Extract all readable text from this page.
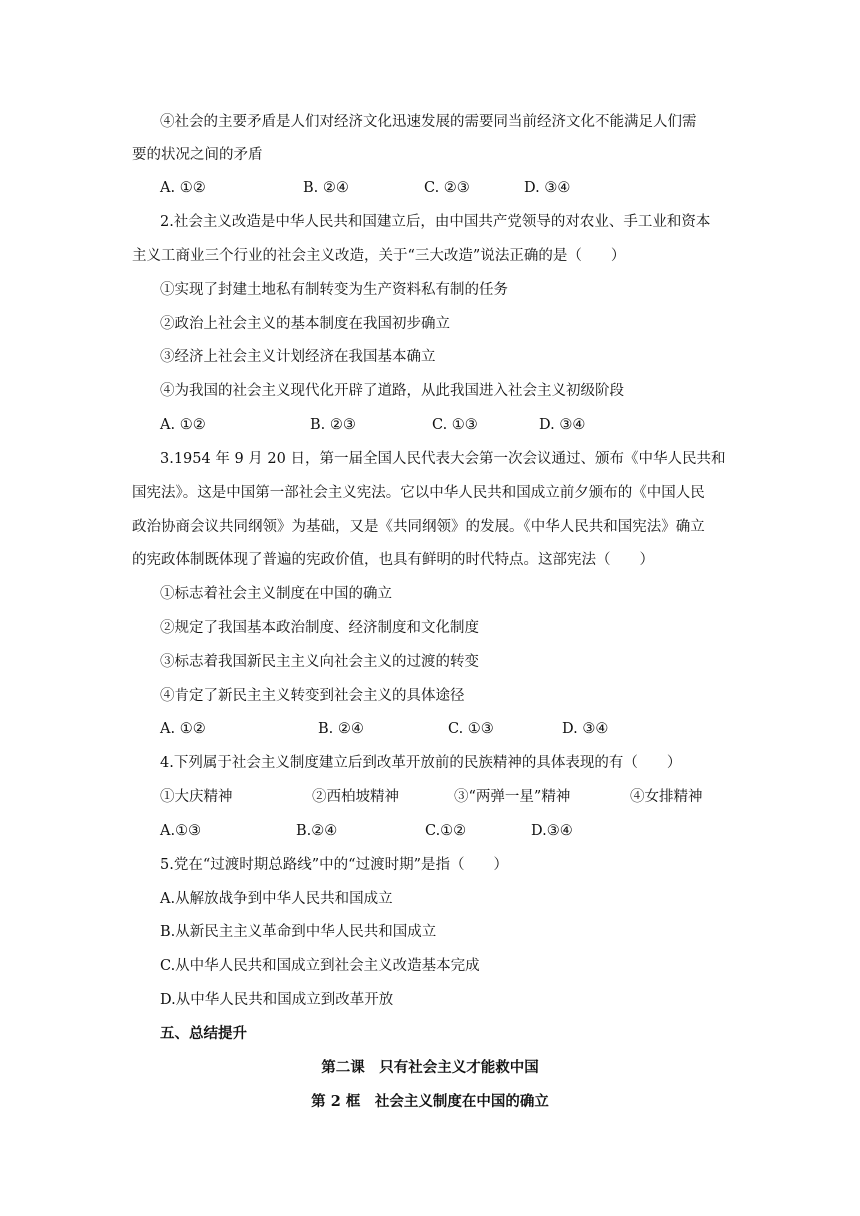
④社会的主要矛盾是人们对经济文化迅速发展的需要同当前经济文化不能满足人们需
要的状况之间的矛盾
A. ①②	B. ②④	C. ②③	D. ③④
2.社会主义改造是中华人民共和国建立后，由中国共产党领导的对农业、手工业和资本
主义工商业三个行业的社会主义改造，关于“三大改造”说法正确的是（　　）
①实现了封建土地私有制转变为生产资料私有制的任务
②政治上社会主义的基本制度在我国初步确立
③经济上社会主义计划经济在我国基本确立
④为我国的社会主义现代化开辟了道路，从此我国进入社会主义初级阶段
A. ①②	B. ②③	C. ①③	D. ③④
3.1954 年 9 月 20 日，第一届全国人民代表大会第一次会议通过、颁布《中华人民共和
国宪法》。这是中国第一部社会主义宪法。它以中华人民共和国成立前夕颁布的《中国人民
政治协商会议共同纲领》为基础，又是《共同纲领》的发展。《中华人民共和国宪法》确立
的宪政体制既体现了普遍的宪政价值，也具有鲜明的时代特点。这部宪法（　　）
①标志着社会主义制度在中国的确立
②规定了我国基本政治制度、经济制度和文化制度
③标志着我国新民主主义向社会主义的过渡的转变
④肯定了新民主主义转变到社会主义的具体途径
A. ①②	B. ②④	C. ①③	D. ③④
4.下列属于社会主义制度建立后到改革开放前的民族精神的具体表现的有（　　）
①大庆精神	②西柏坡精神	③“两弹一星”精神	④女排精神
A.①③	B.②④	C.①②	D.③④
5.党在“过渡时期总路线”中的“过渡时期”是指（　　）
A.从解放战争到中华人民共和国成立
B.从新民主主义革命到中华人民共和国成立
C.从中华人民共和国成立到社会主义改造基本完成
D.从中华人民共和国成立到改革开放
五、总结提升
第二课　只有社会主义才能救中国
第 2 框　社会主义制度在中国的确立
